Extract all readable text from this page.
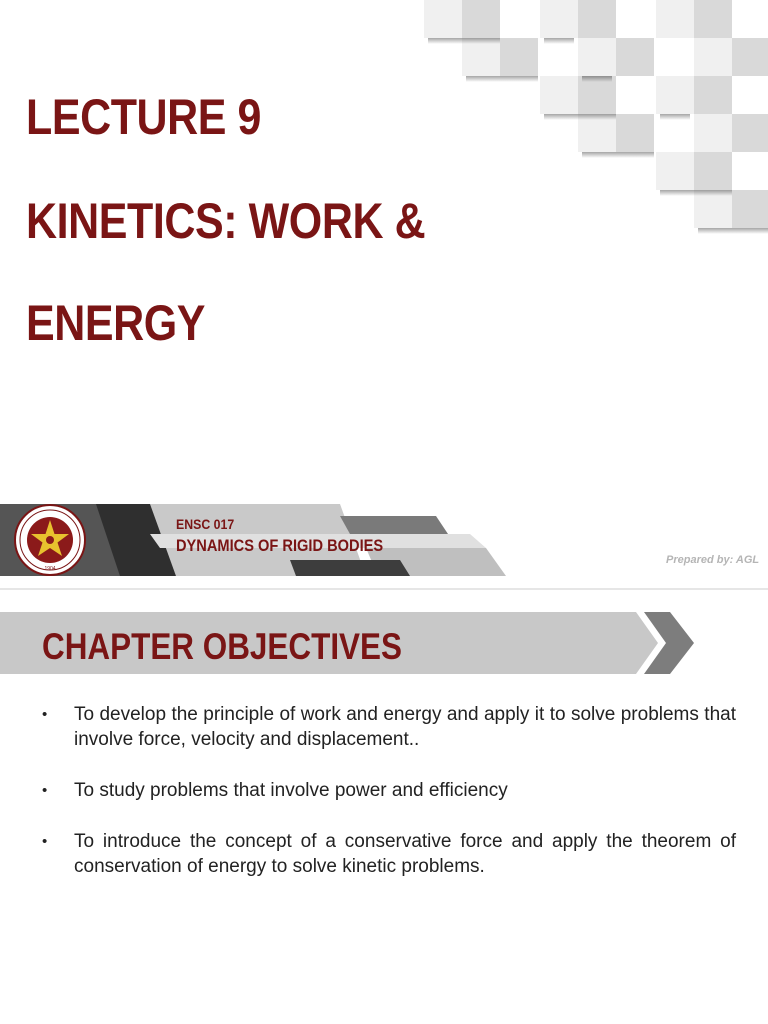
LECTURE 9
KINETICS: WORK &
ENERGY
1904

ENSC 017

DYNAMICS OF RIGID BODIES

Prepared by: AGL

CHAPTER OBJECTIVES

• To develop the principle of work and energy and apply it to solve problems that involve force, velocity and displacement..
• To study problems that involve power and efficiency
• To introduce the concept of a conservative force and apply the theorem of conservation of energy to solve kinetic problems.
